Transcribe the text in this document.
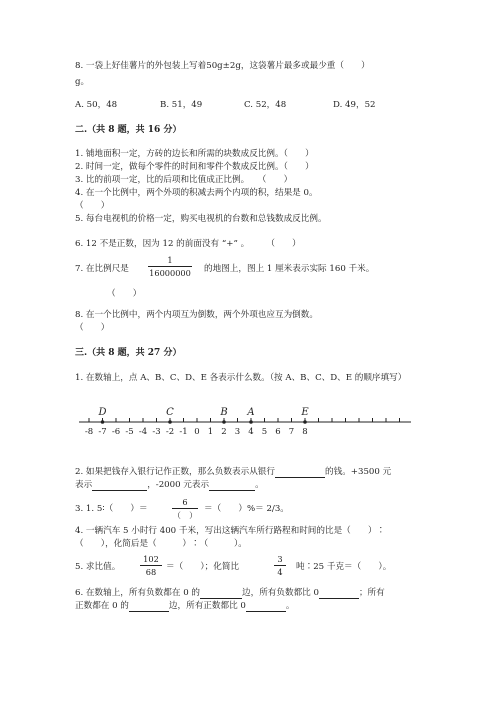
8. 一袋上好佳薯片的外包装上写着50g±2g，这袋薯片最多或最少重（　　）
g。
A. 50，48	B. 51，49	C. 52，48	D. 49，52
二.（共 8 题，共 16 分）
1. 铺地面积一定，方砖的边长和所需的块数成反比例。（　　）
2. 时间一定，做每个零件的时间和零件个数成反比例。（　　）
3. 比的前项一定，比的后项和比值成正比例。　　（　　）
4. 在一个比例中，两个外项的积减去两个内项的积，结果是 0。
（　　）
5. 每台电视机的价格一定，购买电视机的台数和总钱数成反比例。
6. 12 不是正数，因为 12 的前面没有 “+” 。　　　（　　）
7. 在比例尺是
1
16000000 的地图上，图上 1 厘米表示实际 160 千米。
（　　）
8. 在一个比例中，两个内项互为倒数，两个外项也应互为倒数。
（　　）
三.（共 8 题，共 27 分）
1. 在数轴上，点 A、B、C、D、E 各表示什么数。（按 A、B、C、D、E 的顺序填写）
-8 -7 -6 -5 -4 -3 -2 -1 0 1 2 3 4 5 6 7 8
D	C	B A	E
2. 如果把钱存入银行记作正数，那么负数表示从银行	的钱。+3500 元
表示	，-2000 元表示	。
3. 1. 5∶（　　）＝
6
（　）
＝（　　）%＝ 2/3。
4. 一辆汽车 5 小时行 400 千米，写出这辆汽车所行路程和时间的比是（　　）∶
（　　），化简后是（　　　）∶（　　　）。
5. 求比值。
102
68	＝（　　）；化简比
3
4	吨∶25 千克＝（　　）。
6. 在数轴上，所有负数都在 0 的	边，所有负数都比 0	；所有
正数都在 0 的	边，所有正数都比 0	。
